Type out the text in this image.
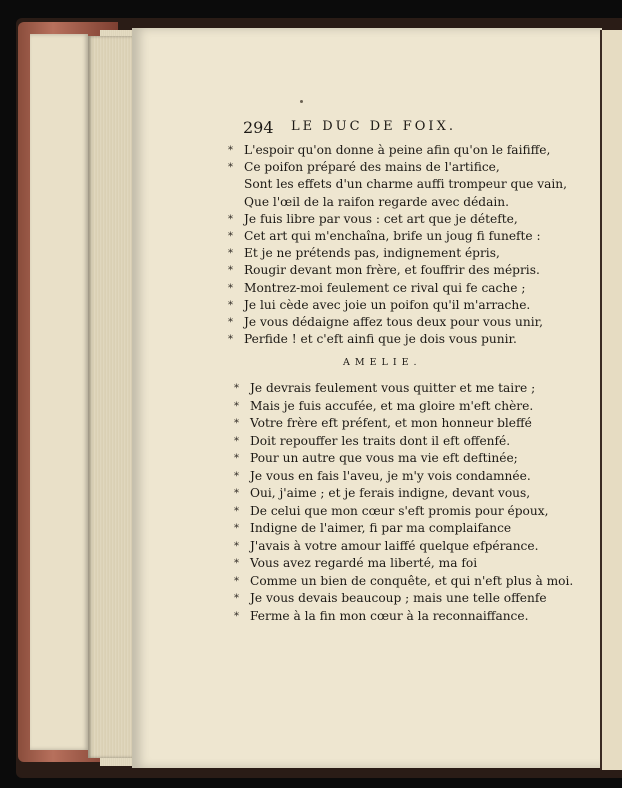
294 LE DUC DE FOIX.
* L'espoir qu'on donne à peine afin qu'on le faififfe,
* Ce poifon préparé des mains de l'artifice,
Sont les effets d'un charme auffi trompeur que vain,
Que l'œil de la raifon regarde avec dédain.
* Je fuis libre par vous : cet art que je détefte,
* Cet art qui m'enchaîna, brife un joug fi funefte :
* Et je ne prétends pas, indignement épris,
* Rougir devant mon frère, et fouffrir des mépris.
* Montrez-moi feulement ce rival qui fe cache ;
* Je lui cède avec joie un poifon qu'il m'arrache.
* Je vous dédaigne affez tous deux pour vous unir,
* Perfide ! et c'eft ainfi que je dois vous punir.
AMELIE.
* Je devrais feulement vous quitter et me taire ;
* Mais je fuis accufée, et ma gloire m'eft chère.
* Votre frère eft préfent, et mon honneur bleffé
* Doit repouffer les traits dont il eft offenfé.
* Pour un autre que vous ma vie eft deftinée;
* Je vous en fais l'aveu, je m'y vois condamnée.
* Oui, j'aime ; et je ferais indigne, devant vous,
* De celui que mon cœur s'eft promis pour époux,
* Indigne de l'aimer, fi par ma complaifance
* J'avais à votre amour laiffé quelque efpérance.
* Vous avez regardé ma liberté, ma foi
* Comme un bien de conquête, et qui n'eft plus à moi.
* Je vous devais beaucoup ; mais une telle offenfe
* Ferme à la fin mon cœur à la reconnaiffance.
